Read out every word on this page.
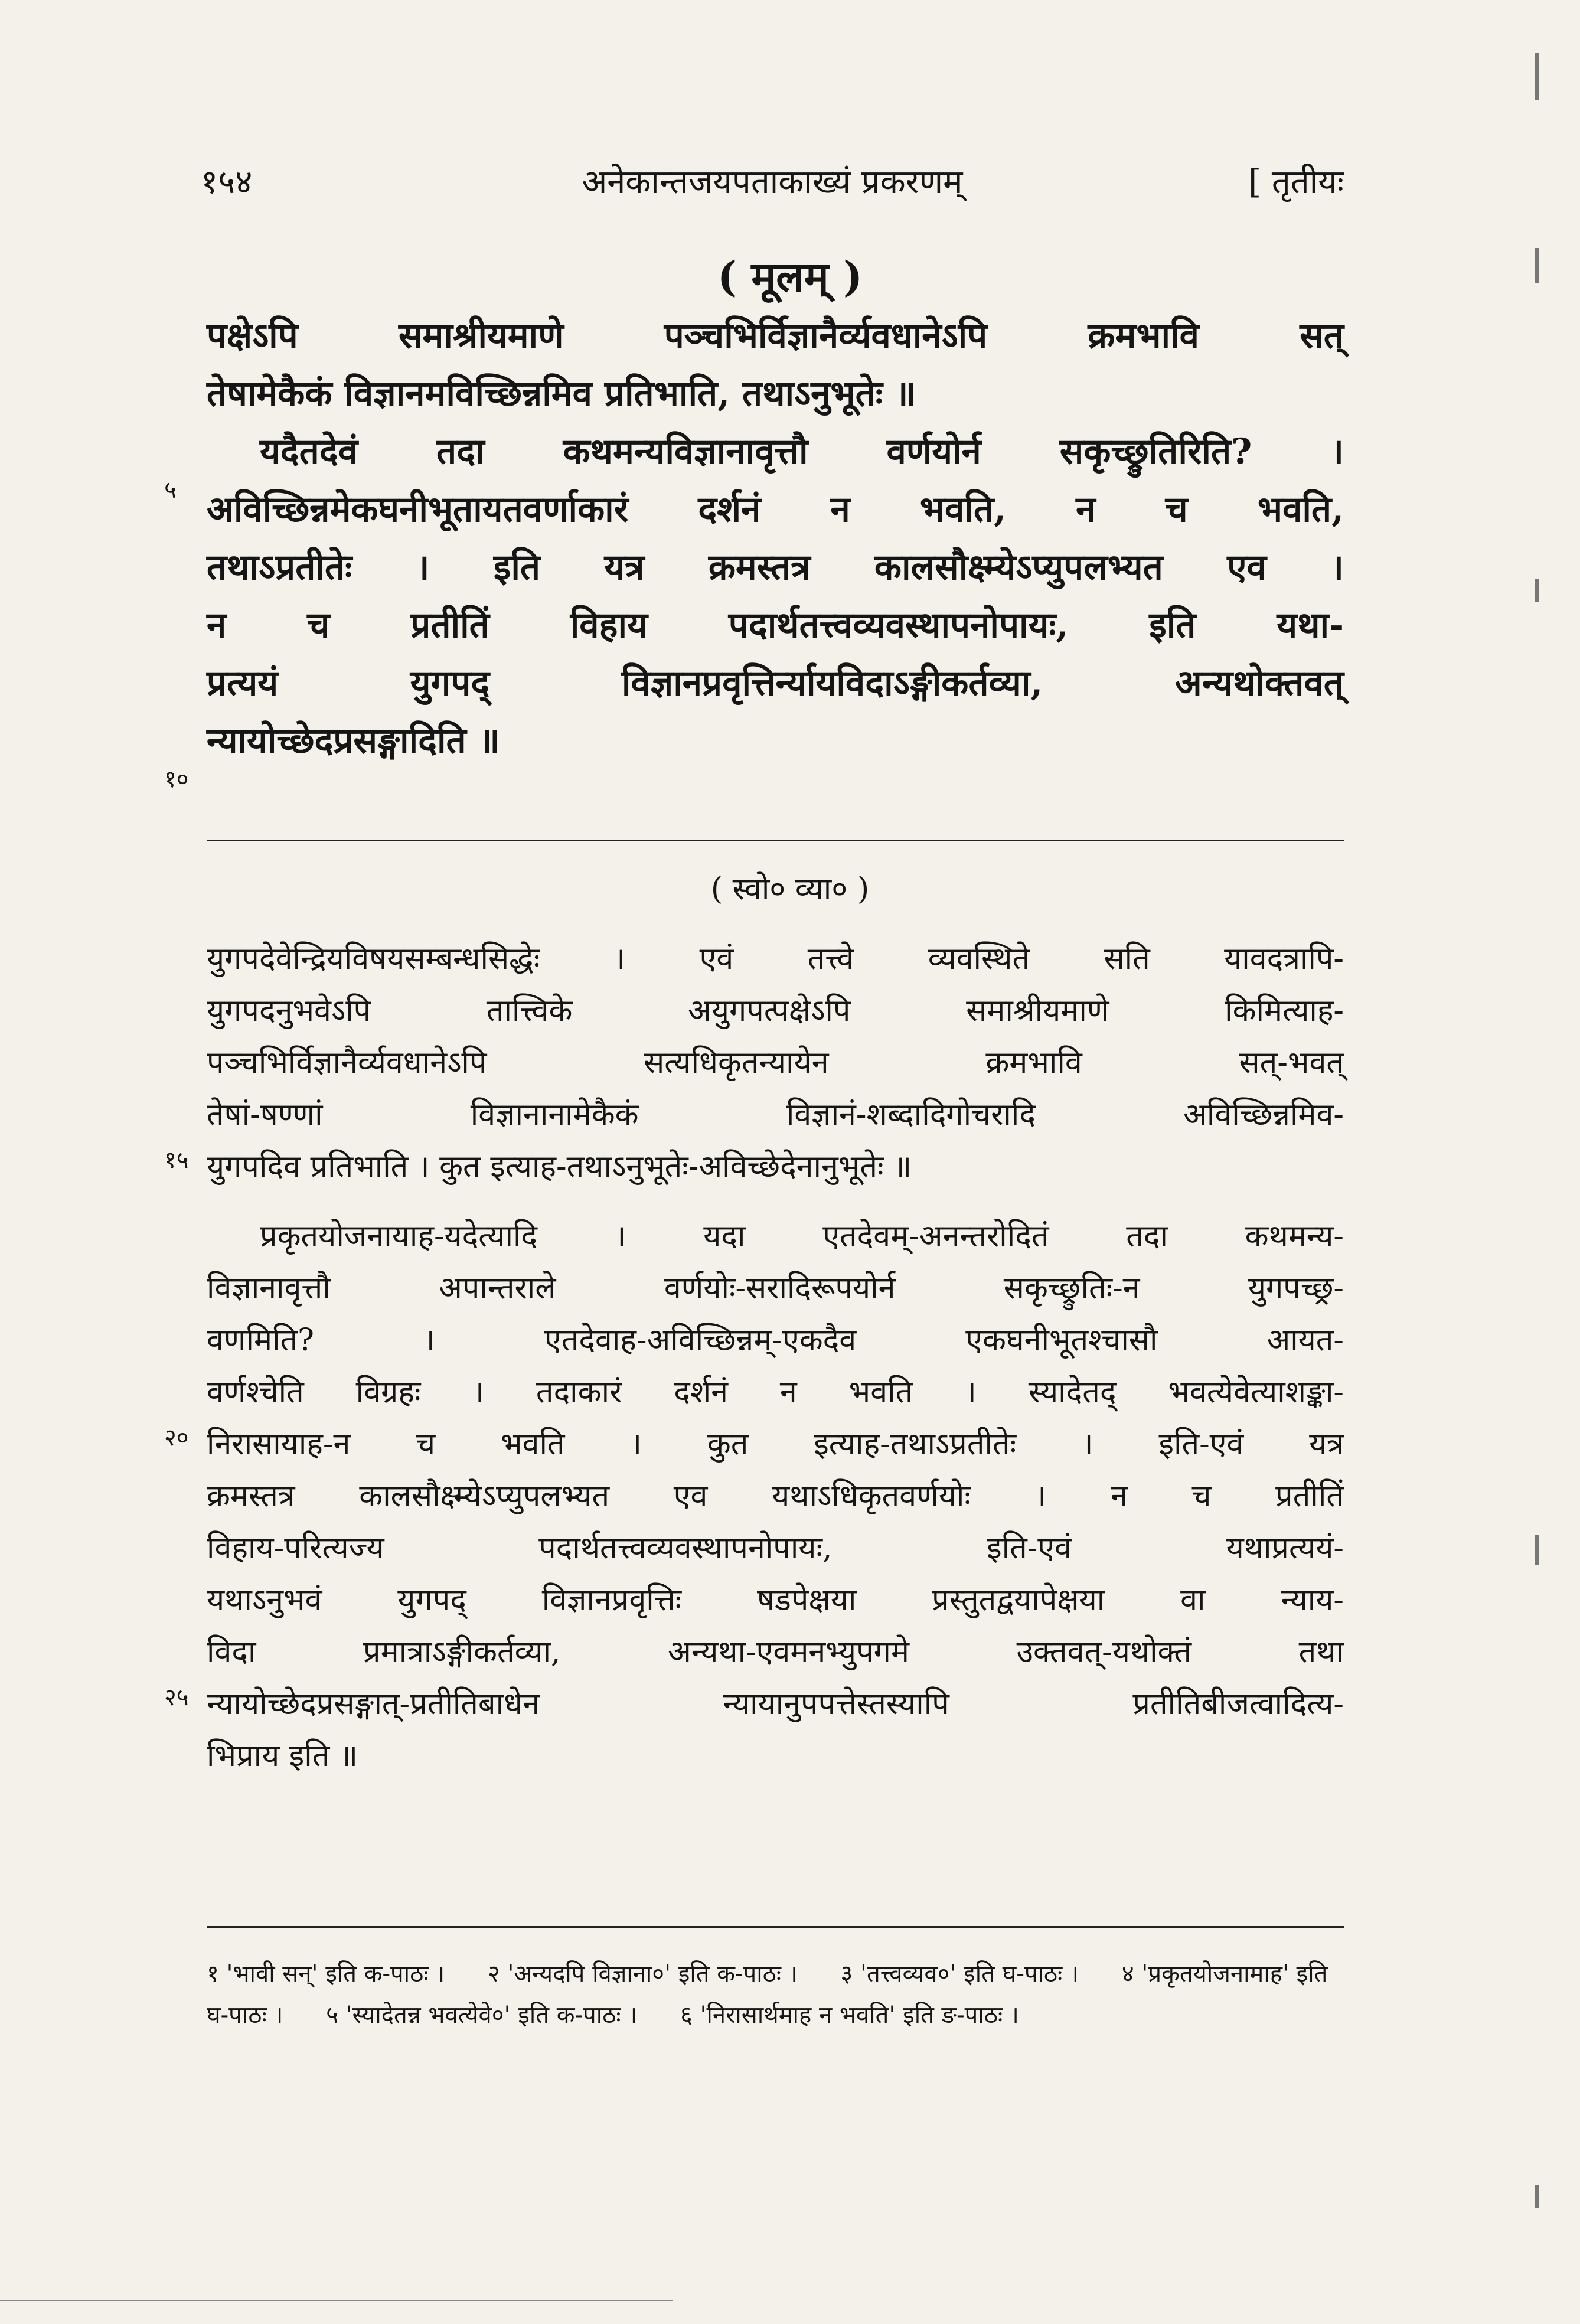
१५४	अनेकान्तजयपताकाख्यं प्रकरणम्	[ तृतीयः
( मूलम् )

पक्षेऽपि समाश्रीयमाणे पञ्चभिर्विज्ञानैर्व्यवधानेऽपि क्रमभावि सत्

तेषामेकैकं विज्ञानमविच्छिन्नमिव प्रतिभाति, तथाऽनुभूतेः ॥

यदैतदेवं तदा कथमन्यविज्ञानावृत्तौ वर्णयोर्न सकृच्छ्रुतिरिति? ।

अविच्छिन्नमेकघनीभूतायतवर्णाकारं दर्शनं न भवति, न च भवति,

तथाऽप्रतीतेः । इति यत्र क्रमस्तत्र कालसौक्ष्म्येऽप्युपलभ्यत एव ।

न च प्रतीतिं विहाय पदार्थतत्त्वव्यवस्थापनोपायः, इति यथा-

प्रत्ययं युगपद् विज्ञानप्रवृत्तिर्न्यायविदाऽङ्गीकर्तव्या, अन्यथोक्तवत्

न्यायोच्छेदप्रसङ्गादिति ॥

५
१०
( स्वो० व्या० )

युगपदेवेन्द्रियविषयसम्बन्धसिद्धेः । एवं तत्त्वे व्यवस्थिते सति यावदत्रापि-

युगपदनुभवेऽपि तात्त्विके अयुगपत्पक्षेऽपि समाश्रीयमाणे किमित्याह-

पञ्चभिर्विज्ञानैर्व्यवधानेऽपि सत्यधिकृतन्यायेन क्रमभावि सत्-भवत्

तेषां-षण्णां विज्ञानानामेकैकं विज्ञानं-शब्दादिगोचरादि अविच्छिन्नमिव-

युगपदिव प्रतिभाति । कुत इत्याह-तथाऽनुभूतेः-अविच्छेदेनानुभूतेः ॥

प्रकृतयोजनायाह-यदेत्यादि । यदा एतदेवम्-अनन्तरोदितं तदा कथमन्य-

विज्ञानावृत्तौ अपान्तराले वर्णयोः-सरादिरूपयोर्न सकृच्छ्रुतिः-न युगपच्छ्र-

वणमिति? । एतदेवाह-अविच्छिन्नम्-एकदैव एकघनीभूतश्चासौ आयत-

वर्णश्चेति विग्रहः । तदाकारं दर्शनं न भवति । स्यादेतद् भवत्येवेत्याशङ्का-

निरासायाह-न च भवति । कुत इत्याह-तथाऽप्रतीतेः । इति-एवं यत्र

क्रमस्तत्र कालसौक्ष्म्येऽप्युपलभ्यत एव यथाऽधिकृतवर्णयोः । न च प्रतीतिं

विहाय-परित्यज्य पदार्थतत्त्वव्यवस्थापनोपायः, इति-एवं यथाप्रत्ययं-

यथाऽनुभवं युगपद् विज्ञानप्रवृत्तिः षडपेक्षया प्रस्तुतद्वयापेक्षया वा न्याय-

विदा प्रमात्राऽङ्गीकर्तव्या, अन्यथा-एवमनभ्युपगमे उक्तवत्-यथोक्तं तथा

न्यायोच्छेदप्रसङ्गात्-प्रतीतिबाधेन न्यायानुपपत्तेस्तस्यापि प्रतीतिबीजत्वादित्य-

भिप्राय इति ॥

१५
२०
२५
१ 'भावी सन्' इति क-पाठः । २ 'अन्यदपि विज्ञाना०' इति क-पाठः । ३ 'तत्त्वव्यव०' इति घ-पाठः । ४ 'प्रकृतयोजनामाह' इति घ-पाठः । ५ 'स्यादेतन्न भवत्येवे०' इति क-पाठः । ६ 'निरासार्थमाह न भवति' इति ङ-पाठः ।
